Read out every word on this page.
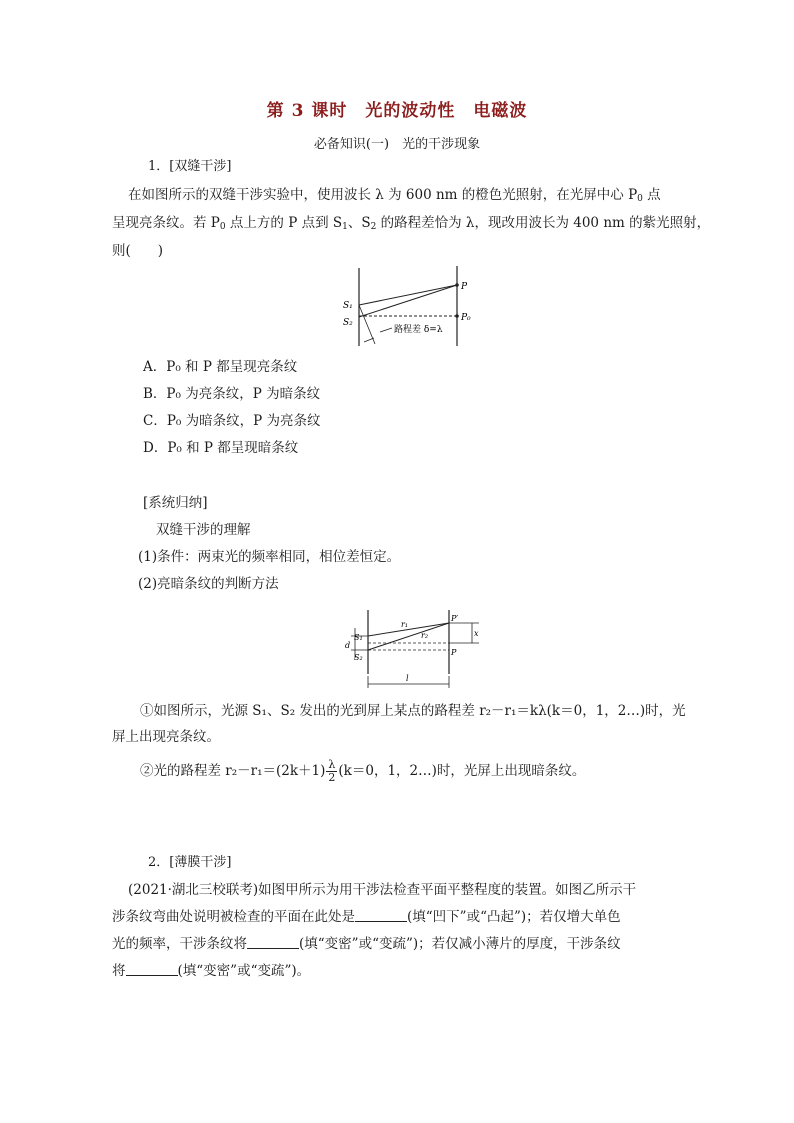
第 3 课时　光的波动性　电磁波
必备知识(一)　光的干涉现象
1．[双缝干涉]
在如图所示的双缝干涉实验中，使用波长 λ 为 600 nm 的橙色光照射，在光屏中心 $P_0$ 点
呈现亮条纹。若 $P_0$ 点上方的 P 点到 $S_1$、$S_2$ 的路程差恰为 λ，现改用波长为 400 nm 的紫光照射，
则(　　)
S₁
S₂
P
P₀
路程差 δ=λ
A．P₀ 和 P 都呈现亮条纹
B．P₀ 为亮条纹，P 为暗条纹
C．P₀ 为暗条纹，P 为亮条纹
D．P₀ 和 P 都呈现暗条纹
[系统归纳]
双缝干涉的理解
(1)条件：两束光的频率相同，相位差恒定。
(2)亮暗条纹的判断方法
S₁
S₂
d
r₁
r₂
P′
P
x
l
①如图所示，光源 S₁、S₂ 发出的光到屏上某点的路程差 r₂－r₁＝kλ(k＝0，1，2…)时，光
屏上出现亮条纹。
②光的路程差 $r_2-r_1=(2k+1) \frac{\lambda}{2} (k=0$，1，2…)时，光屏上出现暗条纹。
2．[薄膜干涉]
(2021·湖北三校联考)如图甲所示为用干涉法检查平面平整程度的装置。如图乙所示干
涉条纹弯曲处说明被检查的平面在此处是	(填“凹下”或“凸起”)；若仅增大单色
光的频率，干涉条纹将	(填“变密”或“变疏”)；若仅减小薄片的厚度，干涉条纹
将	(填“变密”或“变疏”)。
